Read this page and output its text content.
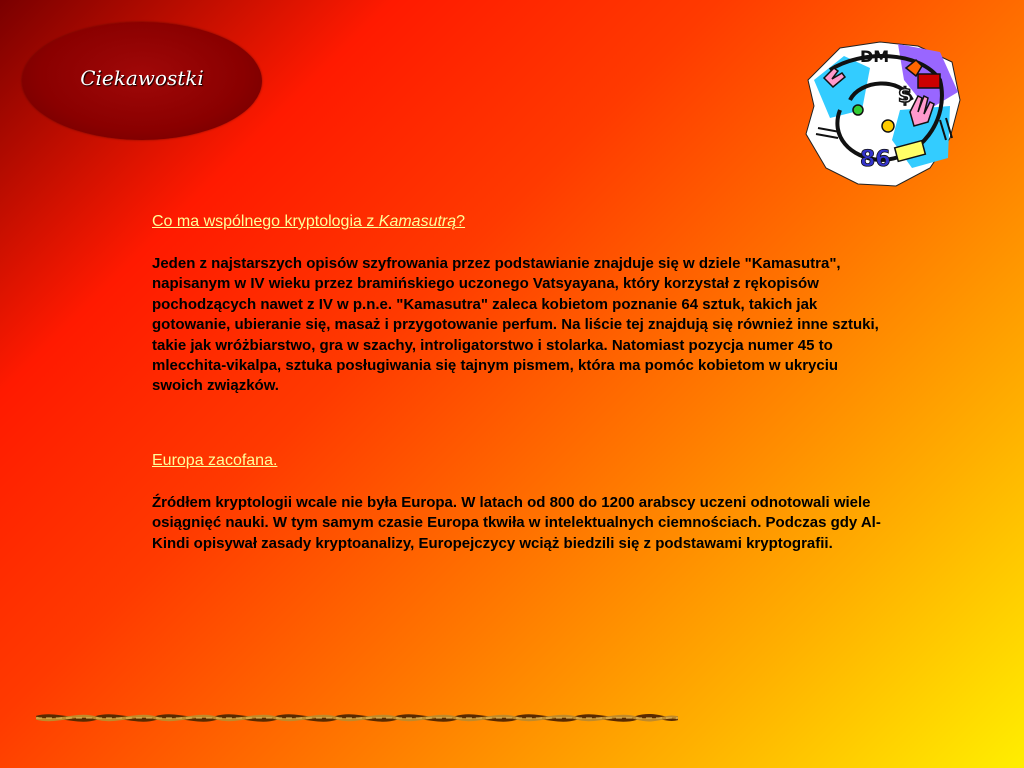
Ciekawostki
DM
86
$

Co ma wspólnego kryptologia z Kamasutrą?

Jeden z najstarszych opisów szyfrowania przez podstawianie znajduje się w dziele "Kamasutra", napisanym w IV wieku przez bramińskiego uczonego Vatsyayana, który korzystał z rękopisów pochodzących nawet z IV w p.n.e. "Kamasutra" zaleca kobietom poznanie 64 sztuk, takich jak gotowanie, ubieranie się, masaż i przygotowanie perfum. Na liście tej znajdują się również inne sztuki, takie jak wróżbiarstwo, gra w szachy, introligatorstwo i stolarka. Natomiast pozycja numer 45 to mlecchita-vikalpa, sztuka posługiwania się tajnym pismem, która ma pomóc kobietom w ukryciu swoich związków.

Europa zacofana.

Źródłem kryptologii wcale nie była Europa. W latach od 800 do 1200 arabscy uczeni odnotowali wiele osiągnięć nauki. W tym samym czasie Europa tkwiła w intelektualnych ciemnościach. Podczas gdy Al-Kindi opisywał zasady kryptoanalizy, Europejczycy wciąż biedzili się z podstawami kryptografii.
